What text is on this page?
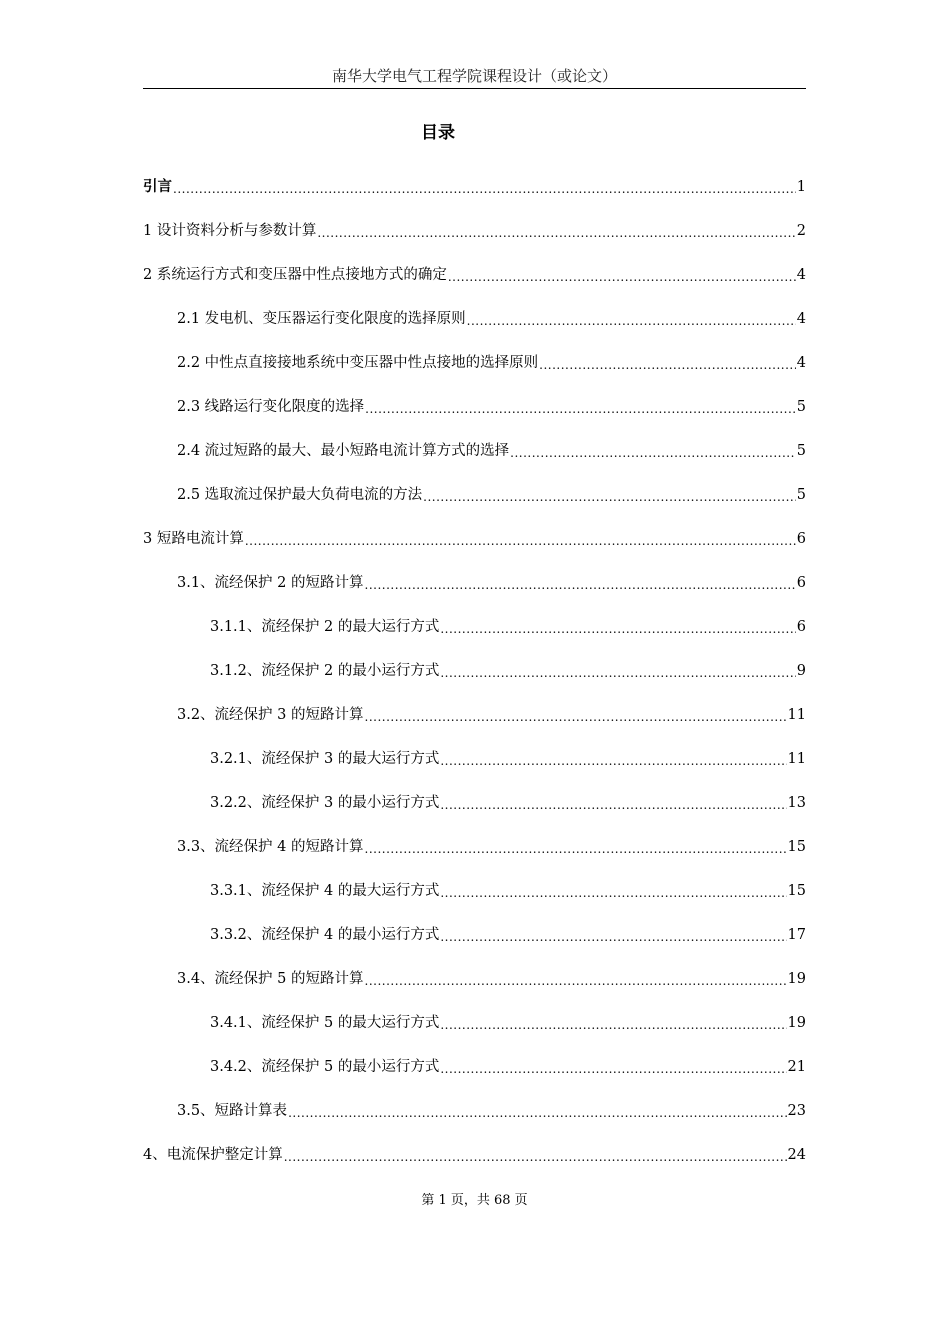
南华大学电气工程学院课程设计（或论文）
目录
引言 .....	1
1 设计资料分析与参数计算 .....	2
2 系统运行方式和变压器中性点接地方式的确定 .....	4
2.1 发电机、变压器运行变化限度的选择原则 .....	4
2.2 中性点直接接地系统中变压器中性点接地的选择原则 .....	4
2.3 线路运行变化限度的选择 .....	5
2.4 流过短路的最大、最小短路电流计算方式的选择 .....	5
2.5 选取流过保护最大负荷电流的方法 .....	5
3 短路电流计算 .....	6
3.1、流经保护 2 的短路计算 .....	6
3.1.1、流经保护 2 的最大运行方式 .....	6
3.1.2、流经保护 2 的最小运行方式 .....	9
3.2、流经保护 3 的短路计算 .....	11
3.2.1、流经保护 3 的最大运行方式 .....	11
3.2.2、流经保护 3 的最小运行方式 .....	13
3.3、流经保护 4 的短路计算 .....	15
3.3.1、流经保护 4 的最大运行方式 .....	15
3.3.2、流经保护 4 的最小运行方式 .....	17
3.4、流经保护 5 的短路计算 .....	19
3.4.1、流经保护 5 的最大运行方式 .....	19
3.4.2、流经保护 5 的最小运行方式 .....	21
3.5、短路计算表 .....	23
4、电流保护整定计算 .....	24
第 1 页，共 68 页
